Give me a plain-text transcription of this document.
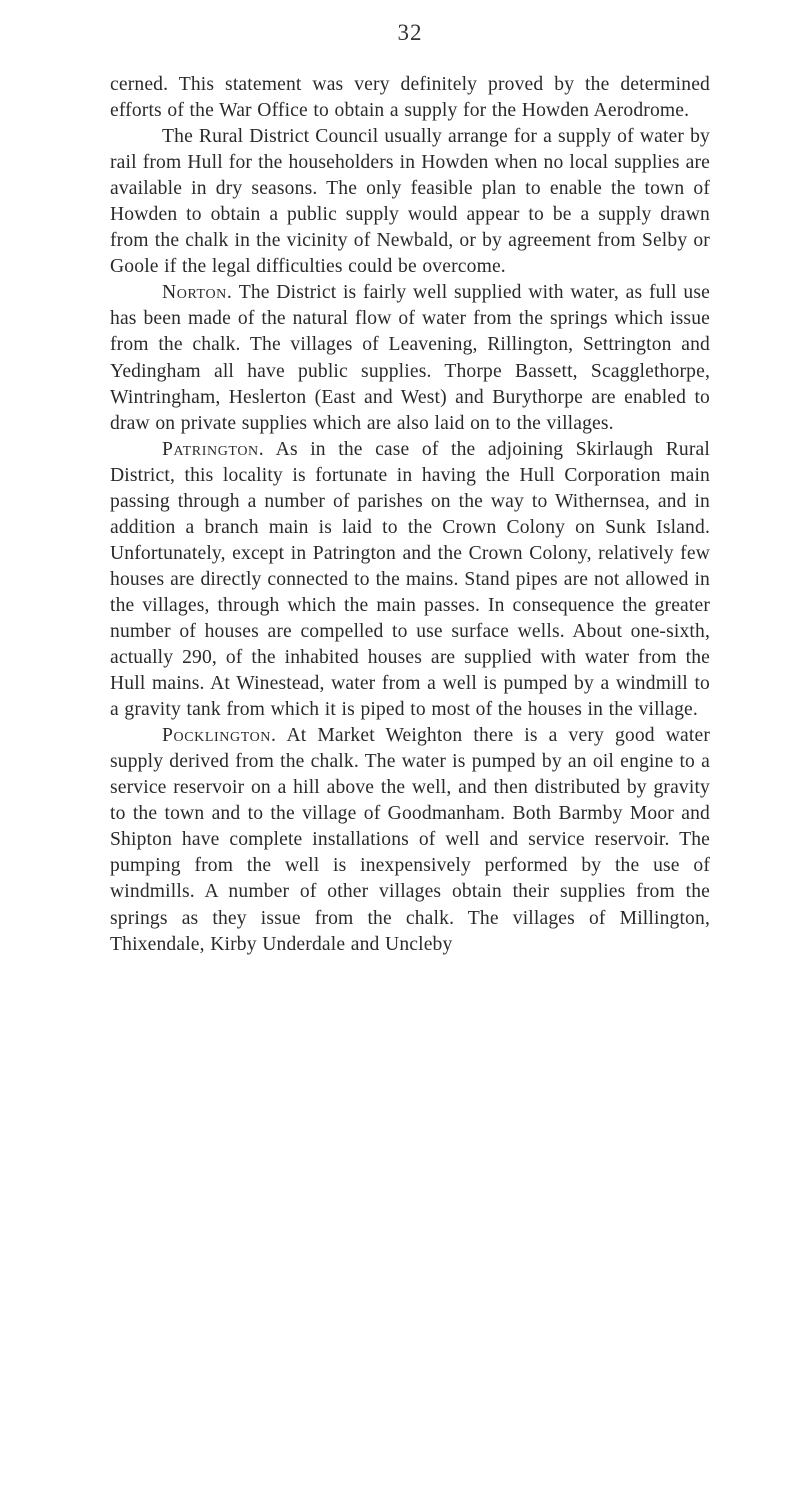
32

cerned. This statement was very definitely proved by the determined efforts of the War Office to obtain a supply for the Howden Aerodrome.

The Rural District Council usually arrange for a supply of water by rail from Hull for the householders in Howden when no local supplies are available in dry seasons. The only feasible plan to enable the town of Howden to obtain a public supply would appear to be a supply drawn from the chalk in the vicinity of Newbald, or by agreement from Selby or Goole if the legal difficulties could be overcome.

Norton. The District is fairly well supplied with water, as full use has been made of the natural flow of water from the springs which issue from the chalk. The villages of Leavening, Rillington, Settrington and Yedingham all have public supplies. Thorpe Bassett, Scagglethorpe, Wintringham, Heslerton (East and West) and Burythorpe are enabled to draw on private supplies which are also laid on to the villages.

Patrington. As in the case of the adjoining Skirlaugh Rural District, this locality is fortunate in having the Hull Corporation main passing through a number of parishes on the way to Withernsea, and in addition a branch main is laid to the Crown Colony on Sunk Island. Unfortunately, except in Patrington and the Crown Colony, relatively few houses are directly connected to the mains. Stand pipes are not allowed in the villages, through which the main passes. In consequence the greater number of houses are compelled to use surface wells. About one-sixth, actually 290, of the inhabited houses are supplied with water from the Hull mains. At Winestead, water from a well is pumped by a windmill to a gravity tank from which it is piped to most of the houses in the village.

Pocklington. At Market Weighton there is a very good water supply derived from the chalk. The water is pumped by an oil engine to a service reservoir on a hill above the well, and then distributed by gravity to the town and to the village of Goodmanham. Both Barmby Moor and Shipton have complete installations of well and service reservoir. The pumping from the well is inexpensively performed by the use of windmills. A number of other villages obtain their supplies from the springs as they issue from the chalk. The villages of Millington, Thixendale, Kirby Underdale and Uncleby
